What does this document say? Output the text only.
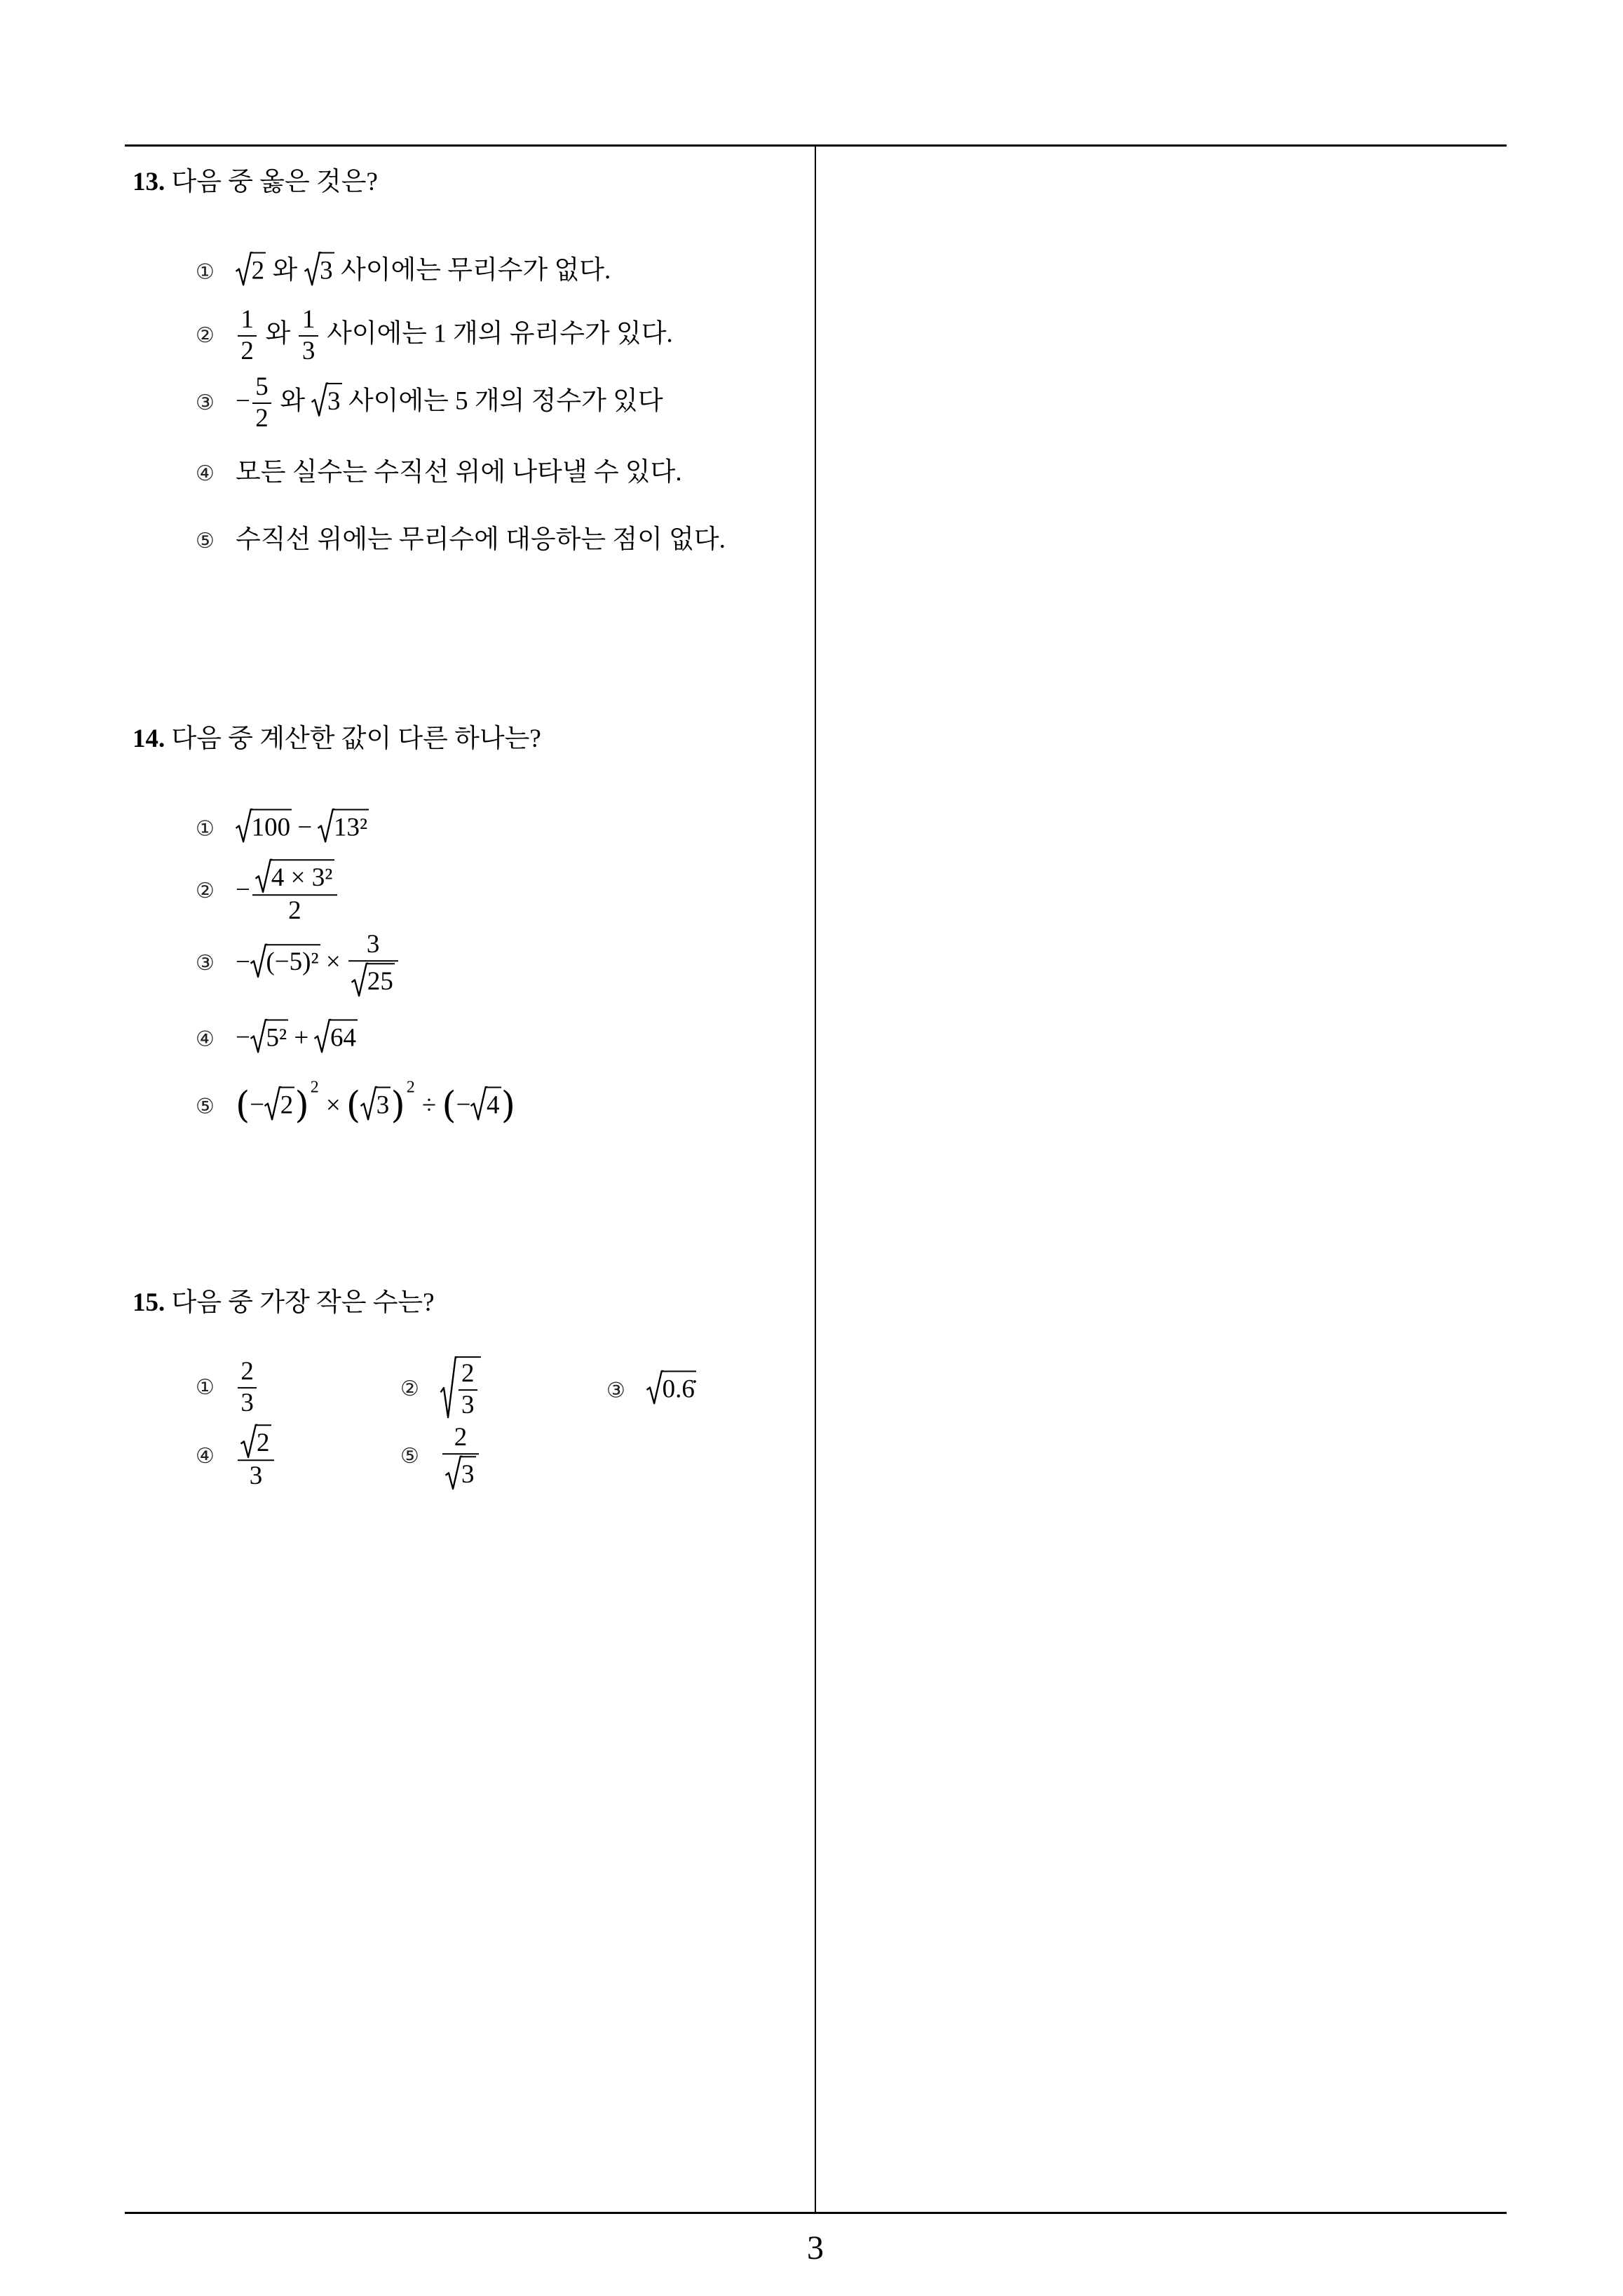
3
13. 다음 중 옳은 것은?
① 2 와 3 사이에는 무리수가 없다.
② $\frac{1}{2}$ 와 $\frac{1}{3}$ 사이에는 1 개의 유리수가 있다.
③ − $\frac{5}{2}$ 와 3 사이에는 5 개의 정수가 있다
④ 모든 실수는 수직선 위에 나타낼 수 있다.
⑤ 수직선 위에는 무리수에 대응하는 점이 없다.
14. 다음 중 계산한 값이 다른 하나는?
① 100 − 13²
② − $\frac{\text{4 × 3²}}{2}$
③ − $(-5)^2 \times \frac{3}{25}$
④ − 5² + 64
⑤ (− 2)$^2$× ( 3)$^2$÷ (− 4)
15. 다음 중 가장 작은 수는?
① $\frac{2}{3}$	② $\frac{2}{3}$	③ 0.6̇
④ $\frac{2}{3}$	⑤ $\frac{2}{3}$
